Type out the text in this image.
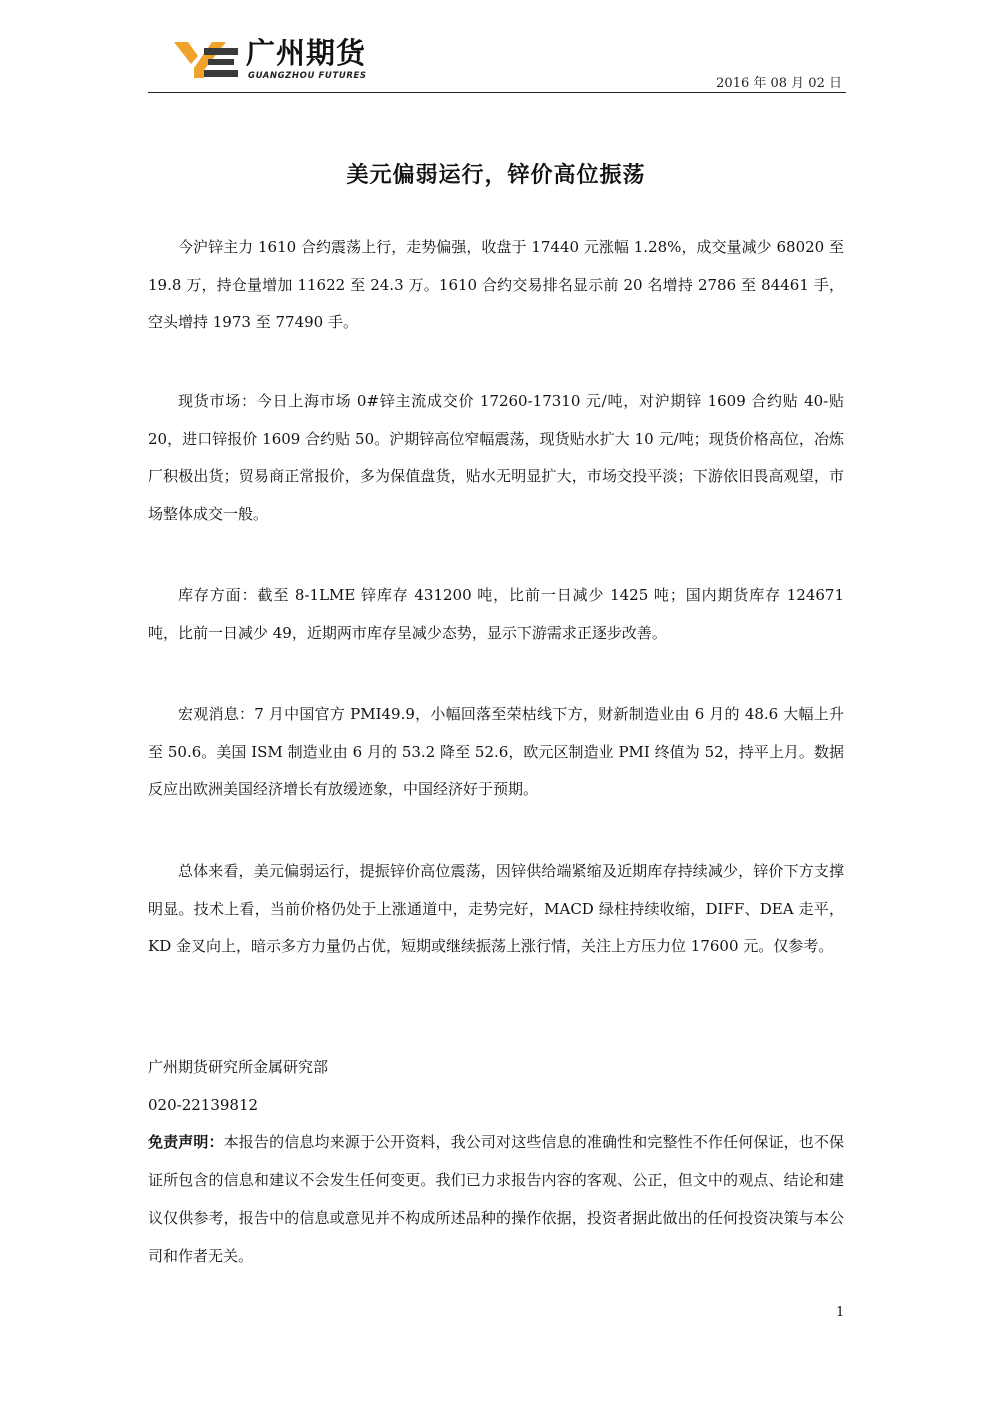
广州期货
GUANGZHOU FUTURES	2016 年 08 月 02 日
美元偏弱运行，锌价高位振荡

今沪锌主力 1610 合约震荡上行，走势偏强，收盘于 17440 元涨幅 1.28%，成交量减少 68020 至 19.8 万，持仓量增加 11622 至 24.3 万。1610 合约交易排名显示前 20 名增持 2786 至 84461 手，空头增持 1973 至 77490 手。

现货市场：今日上海市场 0#锌主流成交价 17260-17310 元/吨，对沪期锌 1609 合约贴 40-贴 20，进口锌报价 1609 合约贴 50。沪期锌高位窄幅震荡，现货贴水扩大 10 元/吨；现货价格高位，冶炼厂积极出货；贸易商正常报价，多为保值盘货，贴水无明显扩大，市场交投平淡；下游依旧畏高观望，市场整体成交一般。

库存方面：截至 8-1LME 锌库存 431200 吨，比前一日减少 1425 吨；国内期货库存 124671 吨，比前一日减少 49，近期两市库存呈减少态势，显示下游需求正逐步改善。

宏观消息：7 月中国官方 PMI49.9，小幅回落至荣枯线下方，财新制造业由 6 月的 48.6 大幅上升至 50.6。美国 ISM 制造业由 6 月的 53.2 降至 52.6，欧元区制造业 PMI 终值为 52，持平上月。数据反应出欧洲美国经济增长有放缓迹象，中国经济好于预期。

总体来看，美元偏弱运行，提振锌价高位震荡，因锌供给端紧缩及近期库存持续减少，锌价下方支撑明显。技术上看，当前价格仍处于上涨通道中，走势完好，MACD 绿柱持续收缩，DIFF、DEA 走平，KD 金叉向上，暗示多方力量仍占优，短期或继续振荡上涨行情，关注上方压力位 17600 元。仅参考。

广州期货研究所金属研究部

020-22139812

免责声明：本报告的信息均来源于公开资料，我公司对这些信息的准确性和完整性不作任何保证，也不保证所包含的信息和建议不会发生任何变更。我们已力求报告内容的客观、公正，但文中的观点、结论和建议仅供参考，报告中的信息或意见并不构成所述品种的操作依据，投资者据此做出的任何投资决策与本公司和作者无关。

1
